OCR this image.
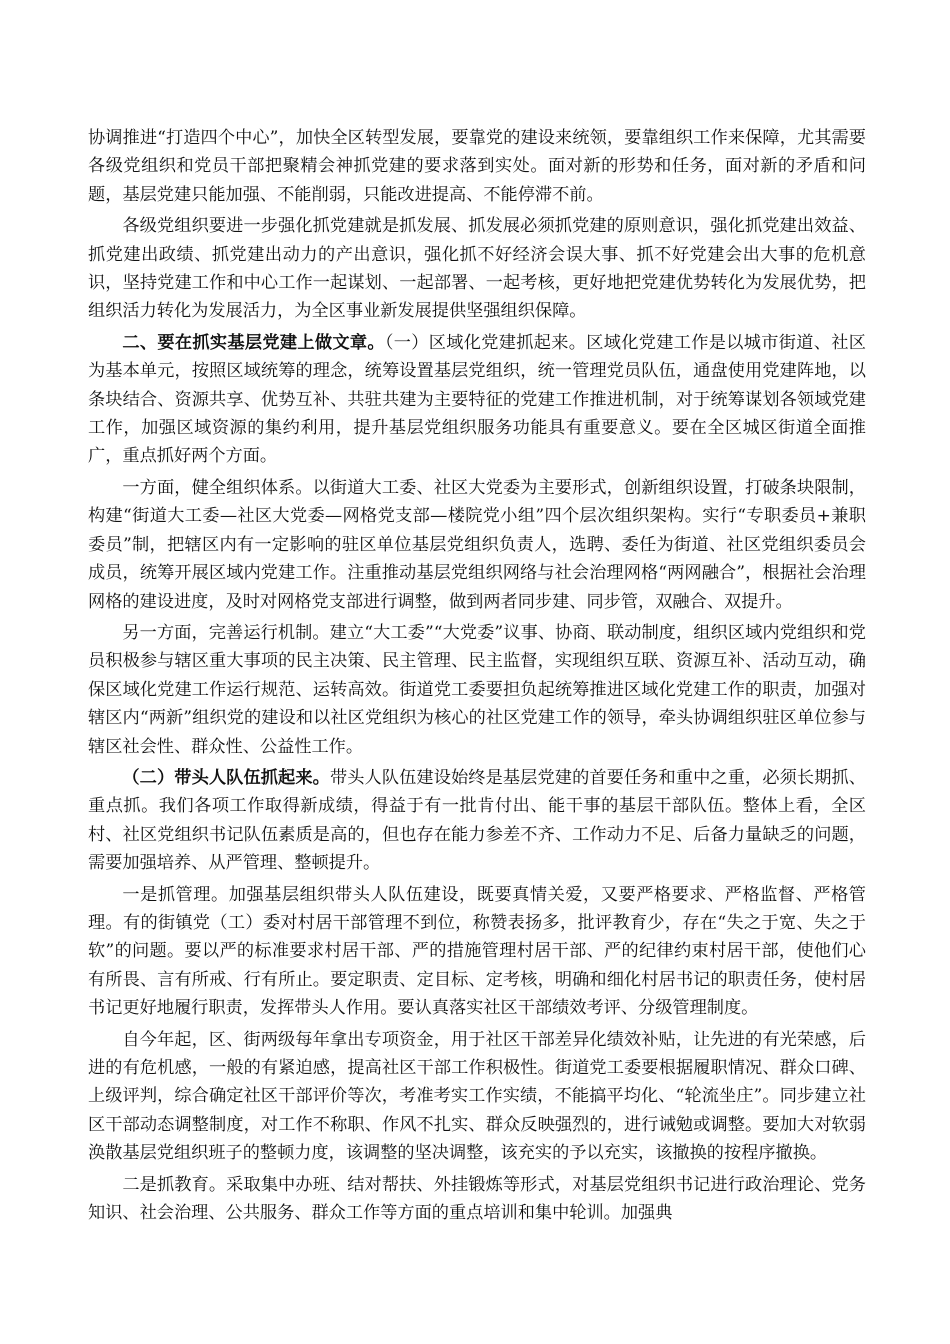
协调推进“打造四个中心”，加快全区转型发展，要靠党的建设来统领，要靠组织工作来保障，尤其需要各级党组织和党员干部把聚精会神抓党建的要求落到实处。面对新的形势和任务，面对新的矛盾和问题，基层党建只能加强、不能削弱，只能改进提高、不能停滞不前。

各级党组织要进一步强化抓党建就是抓发展、抓发展必须抓党建的原则意识，强化抓党建出效益、抓党建出政绩、抓党建出动力的产出意识，强化抓不好经济会误大事、抓不好党建会出大事的危机意识，坚持党建工作和中心工作一起谋划、一起部署、一起考核，更好地把党建优势转化为发展优势，把组织活力转化为发展活力，为全区事业新发展提供坚强组织保障。

二、要在抓实基层党建上做文章。（一）区域化党建抓起来。区域化党建工作是以城市街道、社区为基本单元，按照区域统筹的理念，统筹设置基层党组织，统一管理党员队伍，通盘使用党建阵地，以条块结合、资源共享、优势互补、共驻共建为主要特征的党建工作推进机制，对于统筹谋划各领域党建工作，加强区域资源的集约利用，提升基层党组织服务功能具有重要意义。要在全区城区街道全面推广，重点抓好两个方面。

一方面，健全组织体系。以街道大工委、社区大党委为主要形式，创新组织设置，打破条块限制，构建“街道大工委—社区大党委—网格党支部—楼院党小组”四个层次组织架构。实行“专职委员+兼职委员”制，把辖区内有一定影响的驻区单位基层党组织负责人，选聘、委任为街道、社区党组织委员会成员，统筹开展区域内党建工作。注重推动基层党组织网络与社会治理网格“两网融合”，根据社会治理网格的建设进度，及时对网格党支部进行调整，做到两者同步建、同步管，双融合、双提升。

另一方面，完善运行机制。建立“大工委”“大党委”议事、协商、联动制度，组织区域内党组织和党员积极参与辖区重大事项的民主决策、民主管理、民主监督，实现组织互联、资源互补、活动互动，确保区域化党建工作运行规范、运转高效。街道党工委要担负起统筹推进区域化党建工作的职责，加强对辖区内“两新”组织党的建设和以社区党组织为核心的社区党建工作的领导，牵头协调组织驻区单位参与辖区社会性、群众性、公益性工作。

（二）带头人队伍抓起来。带头人队伍建设始终是基层党建的首要任务和重中之重，必须长期抓、重点抓。我们各项工作取得新成绩，得益于有一批肯付出、能干事的基层干部队伍。整体上看，全区村、社区党组织书记队伍素质是高的，但也存在能力参差不齐、工作动力不足、后备力量缺乏的问题，需要加强培养、从严管理、整顿提升。

一是抓管理。加强基层组织带头人队伍建设，既要真情关爱，又要严格要求、严格监督、严格管理。有的街镇党（工）委对村居干部管理不到位，称赞表扬多，批评教育少，存在“失之于宽、失之于软”的问题。要以严的标准要求村居干部、严的措施管理村居干部、严的纪律约束村居干部，使他们心有所畏、言有所戒、行有所止。要定职责、定目标、定考核，明确和细化村居书记的职责任务，使村居书记更好地履行职责，发挥带头人作用。要认真落实社区干部绩效考评、分级管理制度。

自今年起，区、街两级每年拿出专项资金，用于社区干部差异化绩效补贴，让先进的有光荣感，后进的有危机感，一般的有紧迫感，提高社区干部工作积极性。街道党工委要根据履职情况、群众口碑、上级评判，综合确定社区干部评价等次，考准考实工作实绩，不能搞平均化、“轮流坐庄”。同步建立社区干部动态调整制度，对工作不称职、作风不扎实、群众反映强烈的，进行诫勉或调整。要加大对软弱涣散基层党组织班子的整顿力度，该调整的坚决调整，该充实的予以充实，该撤换的按程序撤换。

二是抓教育。采取集中办班、结对帮扶、外挂锻炼等形式，对基层党组织书记进行政治理论、党务知识、社会治理、公共服务、群众工作等方面的重点培训和集中轮训。加强典
